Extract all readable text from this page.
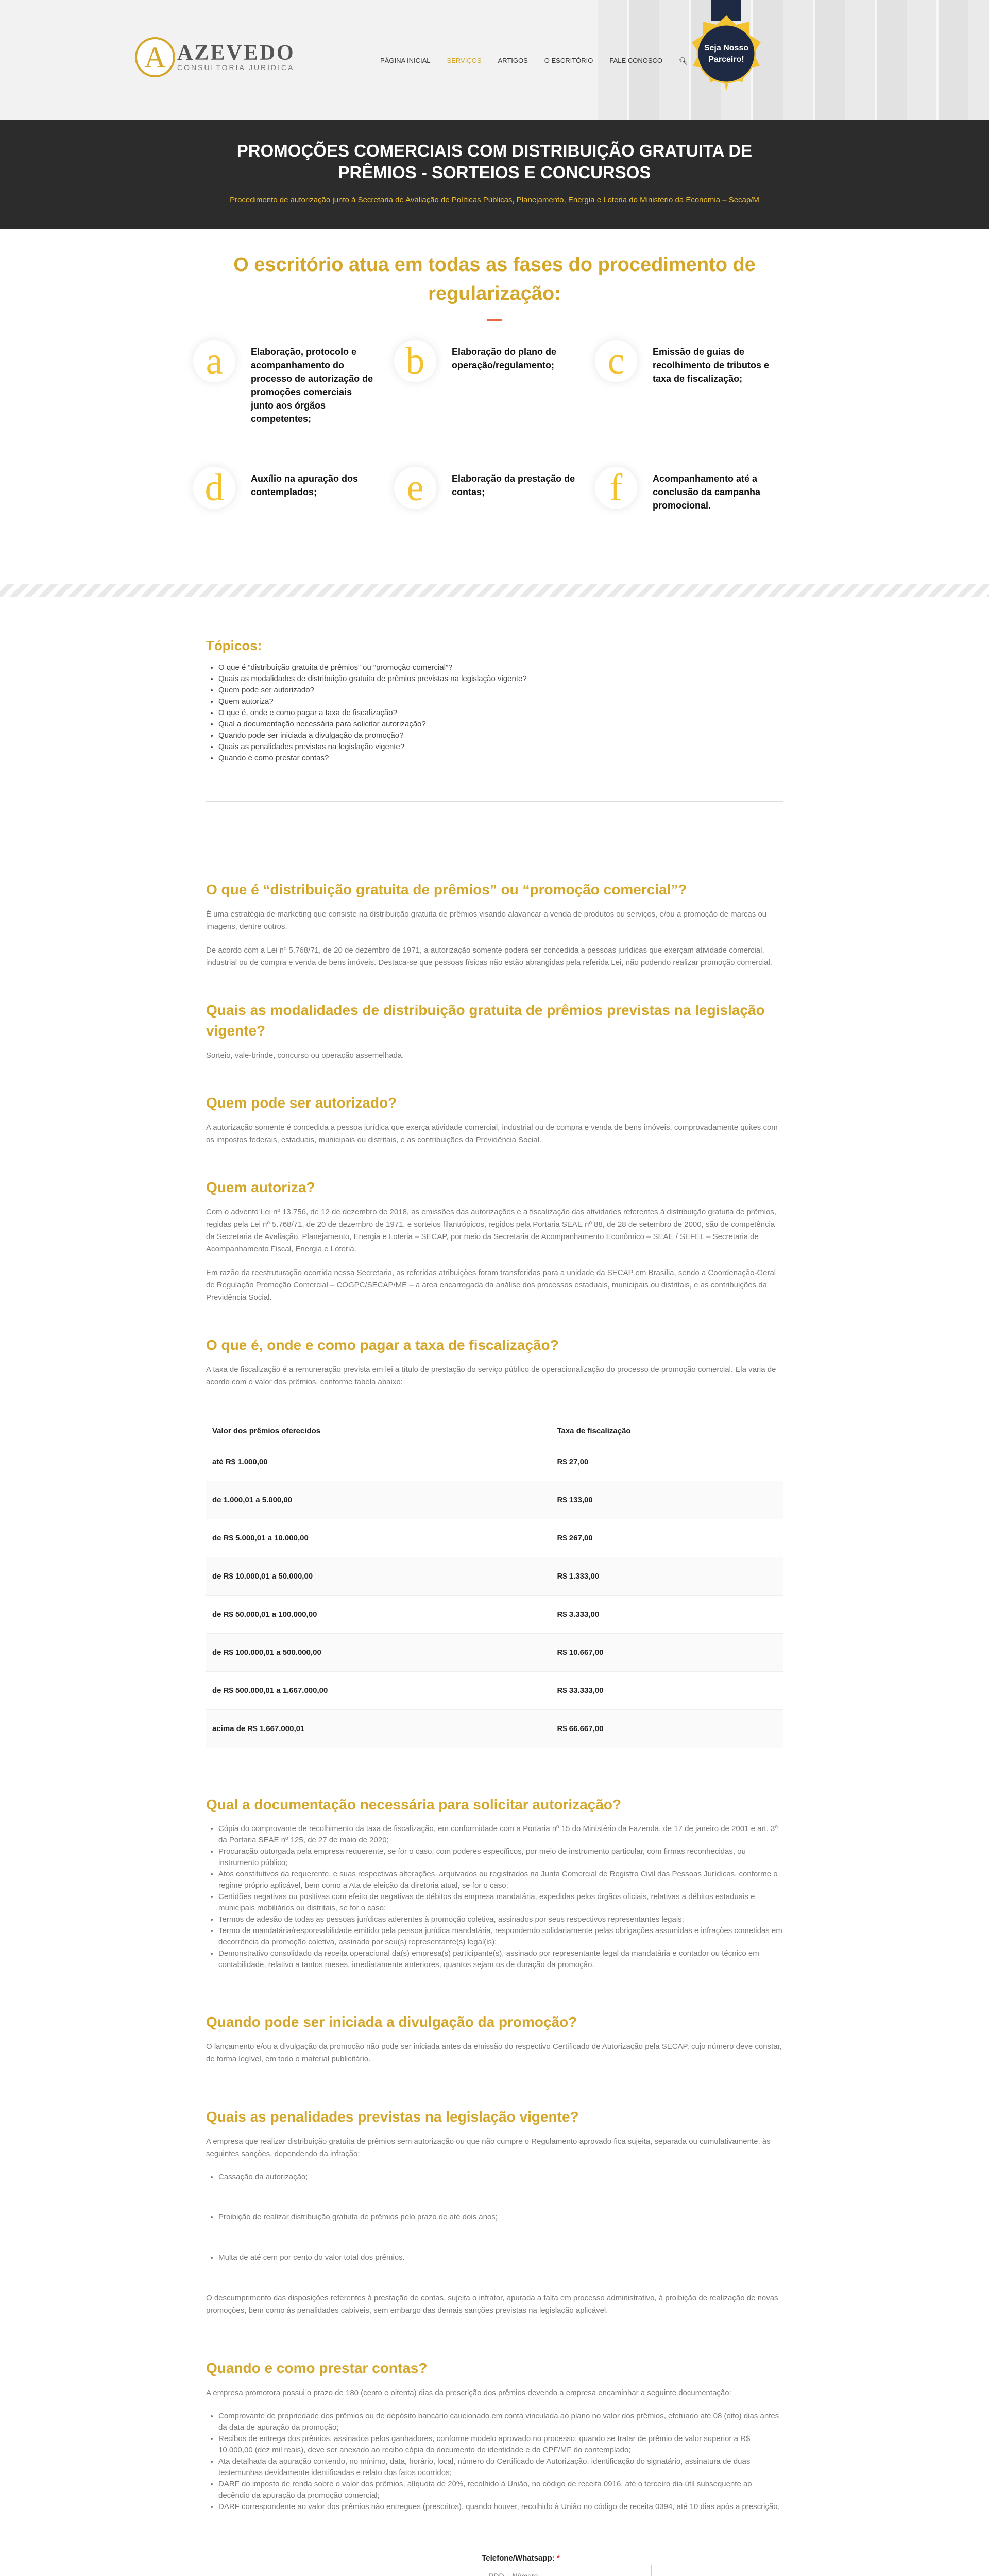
A AZEVEDO
CONSULTORIA JURÍDICA
PÁGINA INICIAL SERVIÇOS ARTIGOS O ESCRITÓRIO FALE CONOSCO 🔍︎
Seja Nosso
Parceiro!
PROMOÇÕES COMERCIAIS COM DISTRIBUIÇÃO GRATUITA DE PRÊMIOS - SORTEIOS E CONCURSOS

Procedimento de autorização junto à Secretaria de Avaliação de Políticas Públicas, Planejamento, Energia e Loteria do Ministério da Economia – Secap/M

O escritório atua em todas as fases do procedimento de regularização:
a	Elaboração, protocolo e acompanhamento do processo de autorização de promoções comerciais junto aos órgãos competentes;
b	Elaboração do plano de operação/regulamento;	c	Emissão de guias de recolhimento de tributos e taxa de fiscalização;
d	Auxílio na apuração dos contemplados;	e	Elaboração da prestação de contas;	f	Acompanhamento até a conclusão da campanha promocional.
Tópicos:
• O que é “distribuição gratuita de prêmios” ou “promoção comercial”?
• Quais as modalidades de distribuição gratuita de prêmios previstas na legislação vigente?
• Quem pode ser autorizado?
• Quem autoriza?
• O que é, onde e como pagar a taxa de fiscalização?
• Qual a documentação necessária para solicitar autorização?
• Quando pode ser iniciada a divulgação da promoção?
• Quais as penalidades previstas na legislação vigente?
• Quando e como prestar contas?
O que é “distribuição gratuita de prêmios” ou “promoção comercial”?

É uma estratégia de marketing que consiste na distribuição gratuita de prêmios visando alavancar a venda de produtos ou serviços, e/ou a promoção de marcas ou imagens, dentre outros.

De acordo com a Lei nº 5.768/71, de 20 de dezembro de 1971, a autorização somente poderá ser concedida a pessoas jurídicas que exerçam atividade comercial, industrial ou de compra e venda de bens imóveis. Destaca-se que pessoas físicas não estão abrangidas pela referida Lei, não podendo realizar promoção comercial.

Quais as modalidades de distribuição gratuita de prêmios previstas na legislação vigente?

Sorteio, vale-brinde, concurso ou operação assemelhada.

Quem pode ser autorizado?

A autorização somente é concedida a pessoa jurídica que exerça atividade comercial, industrial ou de compra e venda de bens imóveis, comprovadamente quites com os impostos federais, estaduais, municipais ou distritais, e as contribuições da Previdência Social.

Quem autoriza?

Com o advento Lei nº 13.756, de 12 de dezembro de 2018, as emissões das autorizações e a fiscalização das atividades referentes à distribuição gratuita de prêmios, regidas pela Lei nº 5.768/71, de 20 de dezembro de 1971, e sorteios filantrópicos, regidos pela Portaria SEAE nº 88, de 28 de setembro de 2000, são de competência da Secretaria de Avaliação, Planejamento, Energia e Loteria – SECAP, por meio da Secretaria de Acompanhamento Econômico – SEAE / SEFEL – Secretaria de Acompanhamento Fiscal, Energia e Loteria.

Em razão da reestruturação ocorrida nessa Secretaria, as referidas atribuições foram transferidas para a unidade da SECAP em Brasília, sendo a Coordenação-Geral de Regulação Promoção Comercial – COGPC/SECAP/ME – a área encarregada da análise dos processos estaduais, municipais ou distritais, e as contribuições da Previdência Social.

O que é, onde e como pagar a taxa de fiscalização?

A taxa de fiscalização é a remuneração prevista em lei a título de prestação do serviço público de operacionalização do processo de promoção comercial. Ela varia de acordo com o valor dos prêmios, conforme tabela abaixo:

Valor dos prêmios oferecidos	Taxa de fiscalização
até R$ 1.000,00	R$ 27,00
de 1.000,01 a 5.000,00	R$ 133,00
de R$ 5.000,01 a 10.000,00	R$ 267,00
de R$ 10.000,01 a 50.000,00	R$ 1.333,00
de R$ 50.000,01 a 100.000,00	R$ 3.333,00
de R$ 100.000,01 a 500.000,00	R$ 10.667,00
de R$ 500.000,01 a 1.667.000,00	R$ 33.333,00
acima de R$ 1.667.000,01	R$ 66.667,00
Qual a documentação necessária para solicitar autorização?
• Cópia do comprovante de recolhimento da taxa de fiscalização, em conformidade com a Portaria nº 15 do Ministério da Fazenda, de 17 de janeiro de 2001 e art. 3º da Portaria SEAE nº 125, de 27 de maio de 2020;
• Procuração outorgada pela empresa requerente, se for o caso, com poderes específicos, por meio de instrumento particular, com firmas reconhecidas, ou instrumento público;
• Atos constitutivos da requerente, e suas respectivas alterações, arquivados ou registrados na Junta Comercial de Registro Civil das Pessoas Jurídicas, conforme o regime próprio aplicável, bem como a Ata de eleição da diretoria atual, se for o caso;
• Certidões negativas ou positivas com efeito de negativas de débitos da empresa mandatária, expedidas pelos órgãos oficiais, relativas a débitos estaduais e municipais mobiliários ou distritais, se for o caso;
• Termos de adesão de todas as pessoas jurídicas aderentes à promoção coletiva, assinados por seus respectivos representantes legais;
• Termo de mandatária/responsabilidade emitido pela pessoa jurídica mandatária, respondendo solidariamente pelas obrigações assumidas e infrações cometidas em decorrência da promoção coletiva, assinado por seu(s) representante(s) legal(is);
• Demonstrativo consolidado da receita operacional da(s) empresa(s) participante(s), assinado por representante legal da mandatária e contador ou técnico em contabilidade, relativo a tantos meses, imediatamente anteriores, quantos sejam os de duração da promoção.
Quando pode ser iniciada a divulgação da promoção?

O lançamento e/ou a divulgação da promoção não pode ser iniciada antes da emissão do respectivo Certificado de Autorização pela SECAP, cujo número deve constar, de forma legível, em todo o material publicitário.

Quais as penalidades previstas na legislação vigente?

A empresa que realizar distribuição gratuita de prêmios sem autorização ou que não cumpre o Regulamento aprovado fica sujeita, separada ou cumulativamente, às seguintes sanções, dependendo da infração:

• Cassação da autorização;
• Proibição de realizar distribuição gratuita de prêmios pelo prazo de até dois anos;
• Multa de até cem por cento do valor total dos prêmios.

O descumprimento das disposições referentes à prestação de contas, sujeita o infrator, apurada a falta em processo administrativo, à proibição de realização de novas promoções, bem como às penalidades cabíveis, sem embargo das demais sanções previstas na legislação aplicável.

Quando e como prestar contas?

A empresa promotora possui o prazo de 180 (cento e oitenta) dias da prescrição dos prêmios devendo a empresa encaminhar a seguinte documentação:

• Comprovante de propriedade dos prêmios ou de depósito bancário caucionado em conta vinculada ao plano no valor dos prêmios, efetuado até 08 (oito) dias antes da data de apuração da promoção;
• Recibos de entrega dos prêmios, assinados pelos ganhadores, conforme modelo aprovado no processo; quando se tratar de prêmio de valor superior a R$ 10.000,00 (dez mil reais), deve ser anexado ao recibo cópia do documento de identidade e do CPF/MF do contemplado;
• Ata detalhada da apuração contendo, no mínimo, data, horário, local, número do Certificado de Autorização, identificação do signatário, assinatura de duas testemunhas devidamente identificadas e relato dos fatos ocorridos;
• DARF do imposto de renda sobre o valor dos prêmios, alíquota de 20%, recolhido à União, no código de receita 0916, até o terceiro dia útil subsequente ao decêndio da apuração da promoção comercial;
• DARF correspondente ao valor dos prêmios não entregues (prescritos), quando houver, recolhido à União no código de receita 0394, até 10 dias após a prescrição.
Telefone/Whatsapp: *
DDD + Número
